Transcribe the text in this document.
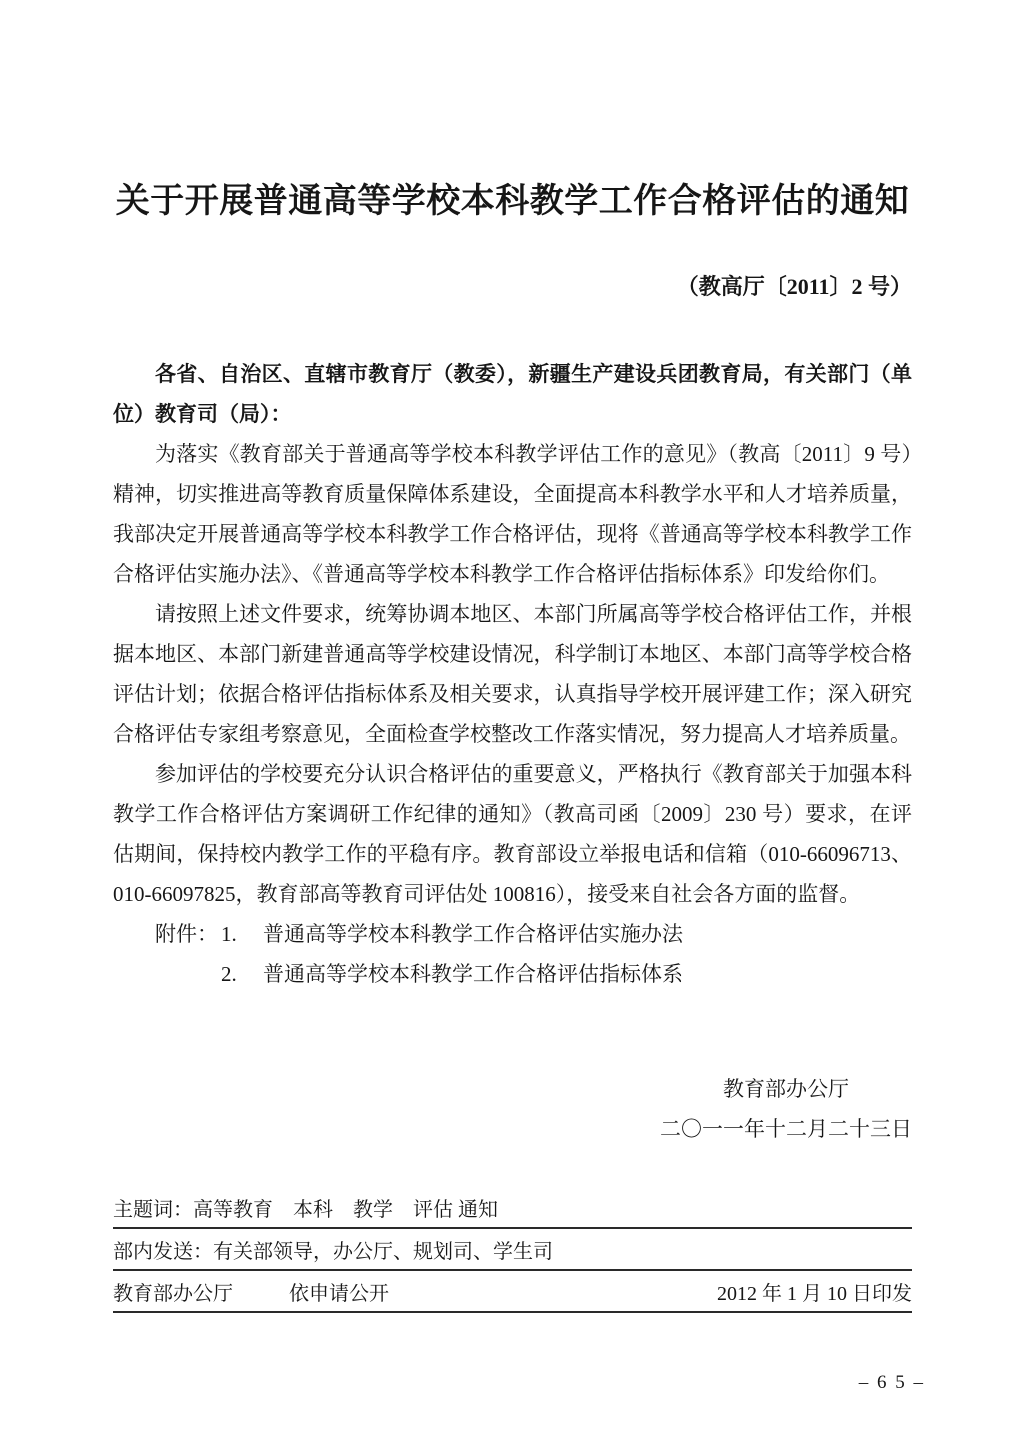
关于开展普通高等学校本科教学工作合格评估的通知
（教高厅〔2011〕2 号）

各省、自治区、直辖市教育厅（教委），新疆生产建设兵团教育局，有关部门（单位）教育司（局）：

为落实《教育部关于普通高等学校本科教学评估工作的意见》（教高〔2011〕9 号）精神，切实推进高等教育质量保障体系建设，全面提高本科教学水平和人才培养质量，我部决定开展普通高等学校本科教学工作合格评估，现将《普通高等学校本科教学工作合格评估实施办法》、《普通高等学校本科教学工作合格评估指标体系》印发给你们。

请按照上述文件要求，统筹协调本地区、本部门所属高等学校合格评估工作，并根据本地区、本部门新建普通高等学校建设情况，科学制订本地区、本部门高等学校合格评估计划；依据合格评估指标体系及相关要求，认真指导学校开展评建工作；深入研究合格评估专家组考察意见，全面检查学校整改工作落实情况，努力提高人才培养质量。

参加评估的学校要充分认识合格评估的重要意义，严格执行《教育部关于加强本科教学工作合格评估方案调研工作纪律的通知》（教高司函〔2009〕230 号）要求，在评估期间，保持校内教学工作的平稳有序。教育部设立举报电话和信箱（010-66096713、010-66097825，教育部高等教育司评估处 100816），接受来自社会各方面的监督。

附件： 1.	普通高等学校本科教学工作合格评估实施办法
2.	普通高等学校本科教学工作合格评估指标体系
教育部办公厅
二〇一一年十二月二十三日
主题词： 高等教育　本科　教学　评估 通知
部内发送： 有关部领导，办公厅、规划司、学生司
教育部办公厅	依申请公开	2012 年 1 月 10 日印发
– 6 5 –
